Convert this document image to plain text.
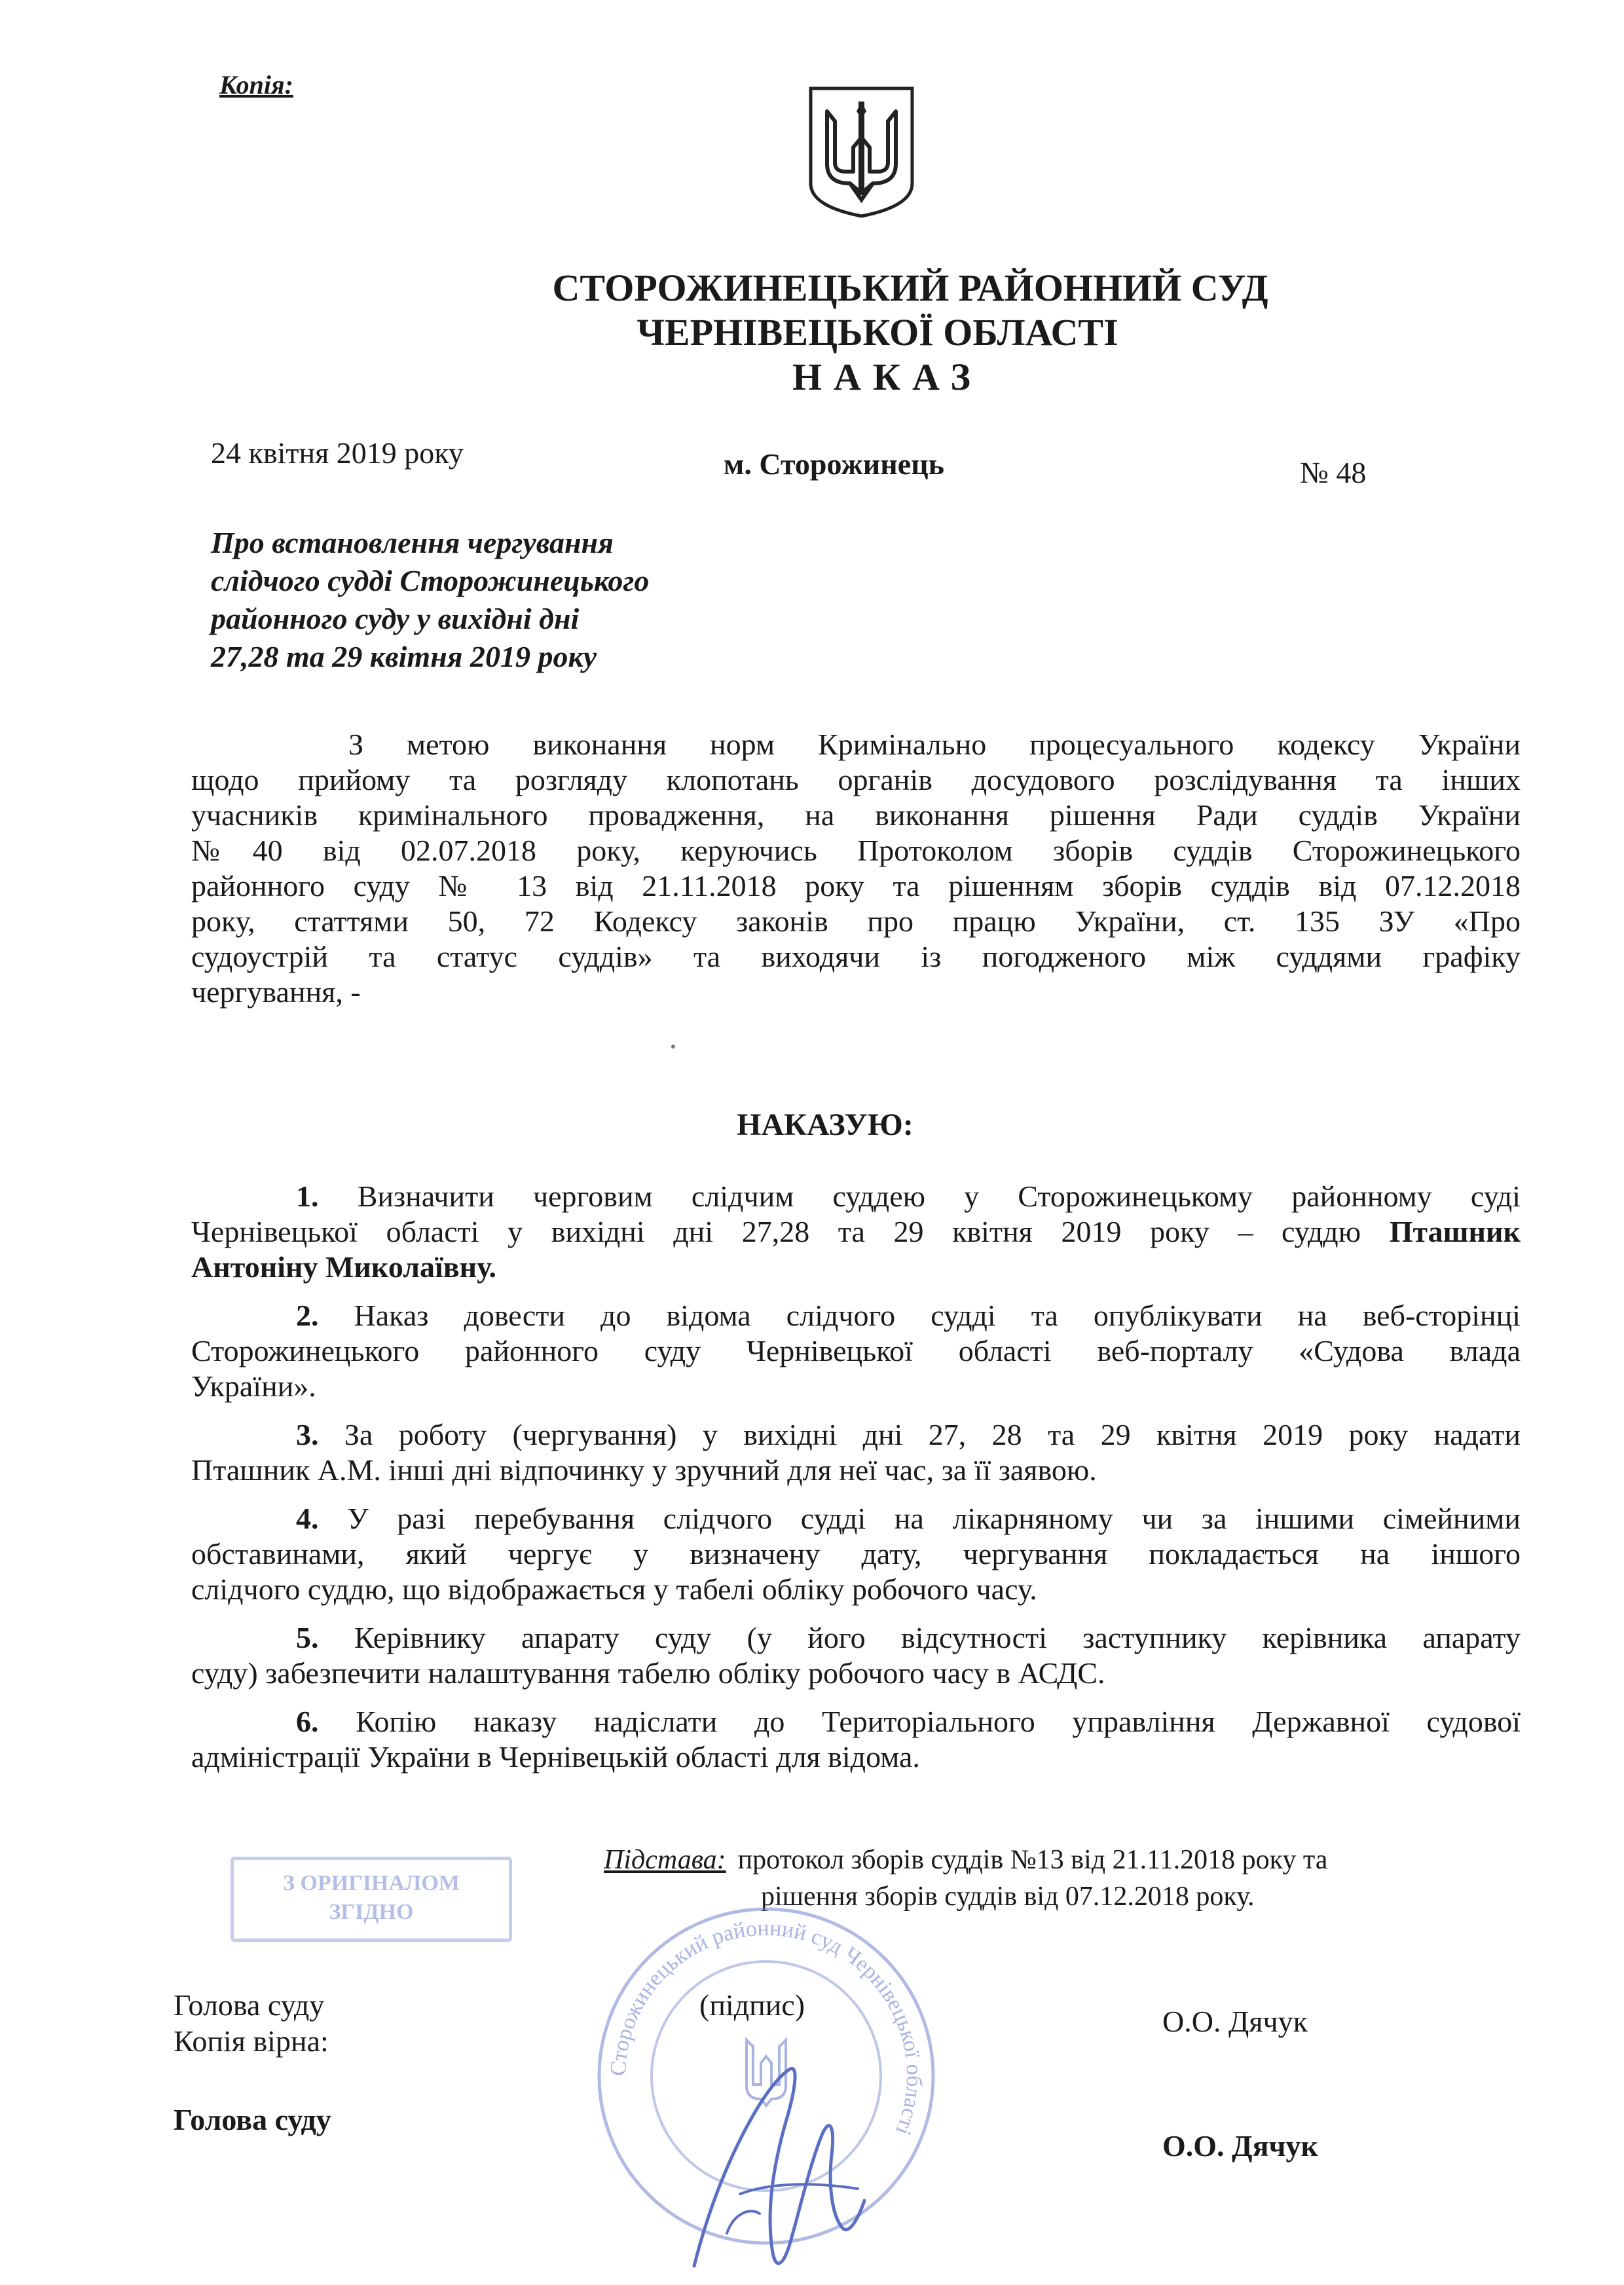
Копія:
СТОРОЖИНЕЦЬКИЙ РАЙОННИЙ СУД
ЧЕРНІВЕЦЬКОЇ ОБЛАСТІ
НАКАЗ
24 квітня 2019 року	м. Сторожинець	№ 48
Про встановлення чергування
слідчого судді Сторожинецького
районного суду у вихідні дні
27,28 та 29 квітня 2019 року
З метою виконання норм Кримінально процесуального кодексу України
щодо прийому та розгляду клопотань органів досудового розслідування та інших
учасників кримінального провадження, на виконання рішення Ради суддів України
№40 від 02.07.2018 року, керуючись Протоколом зборів суддів Сторожинецького
районного суду № 13 від 21.11.2018 року та рішенням зборів суддів від 07.12.2018
року, статтями 50, 72 Кодексу законів про працю України, ст. 135 ЗУ «Про
судоустрій та статус суддів» та виходячи із погодженого між суддями графіку
чергування, -
НАКАЗУЮ:
1. Визначити черговим слідчим суддею у Сторожинецькому районному суді
Чернівецької області у вихідні дні 27,28 та 29 квітня 2019 року – суддю Пташник
Антоніну Миколаївну.
2. Наказ довести до відома слідчого судді та опублікувати на веб-сторінці
Сторожинецького районного суду Чернівецької області веб-порталу «Судова влада
України».
3. За роботу (чергування) у вихідні дні 27, 28 та 29 квітня 2019 року надати
Пташник А.М. інші дні відпочинку у зручний для неї час, за її заявою.
4. У разі перебування слідчого судді на лікарняному чи за іншими сімейними
обставинами, який чергує у визначену дату, чергування покладається на іншого
слідчого суддю, що відображається у табелі обліку робочого часу.
5. Керівнику апарату суду (у його відсутності заступнику керівника апарату
суду) забезпечити налаштування табелю обліку робочого часу в АСДС.
6. Копію наказу надіслати до Територіального управління Державної судової
адміністрації України в Чернівецькій області для відома.
Підстава: протокол зборів суддів №13 від 21.11.2018 року та
рішення зборів суддів від 07.12.2018 року.
З ОРИГІНАЛОМ
ЗГІДНО
Сторожинецький районний суд Чернівецької області
Голова суду
Копія вірна:
(підпис)	О.О. Дячук
Голова суду
О.О. Дячук
